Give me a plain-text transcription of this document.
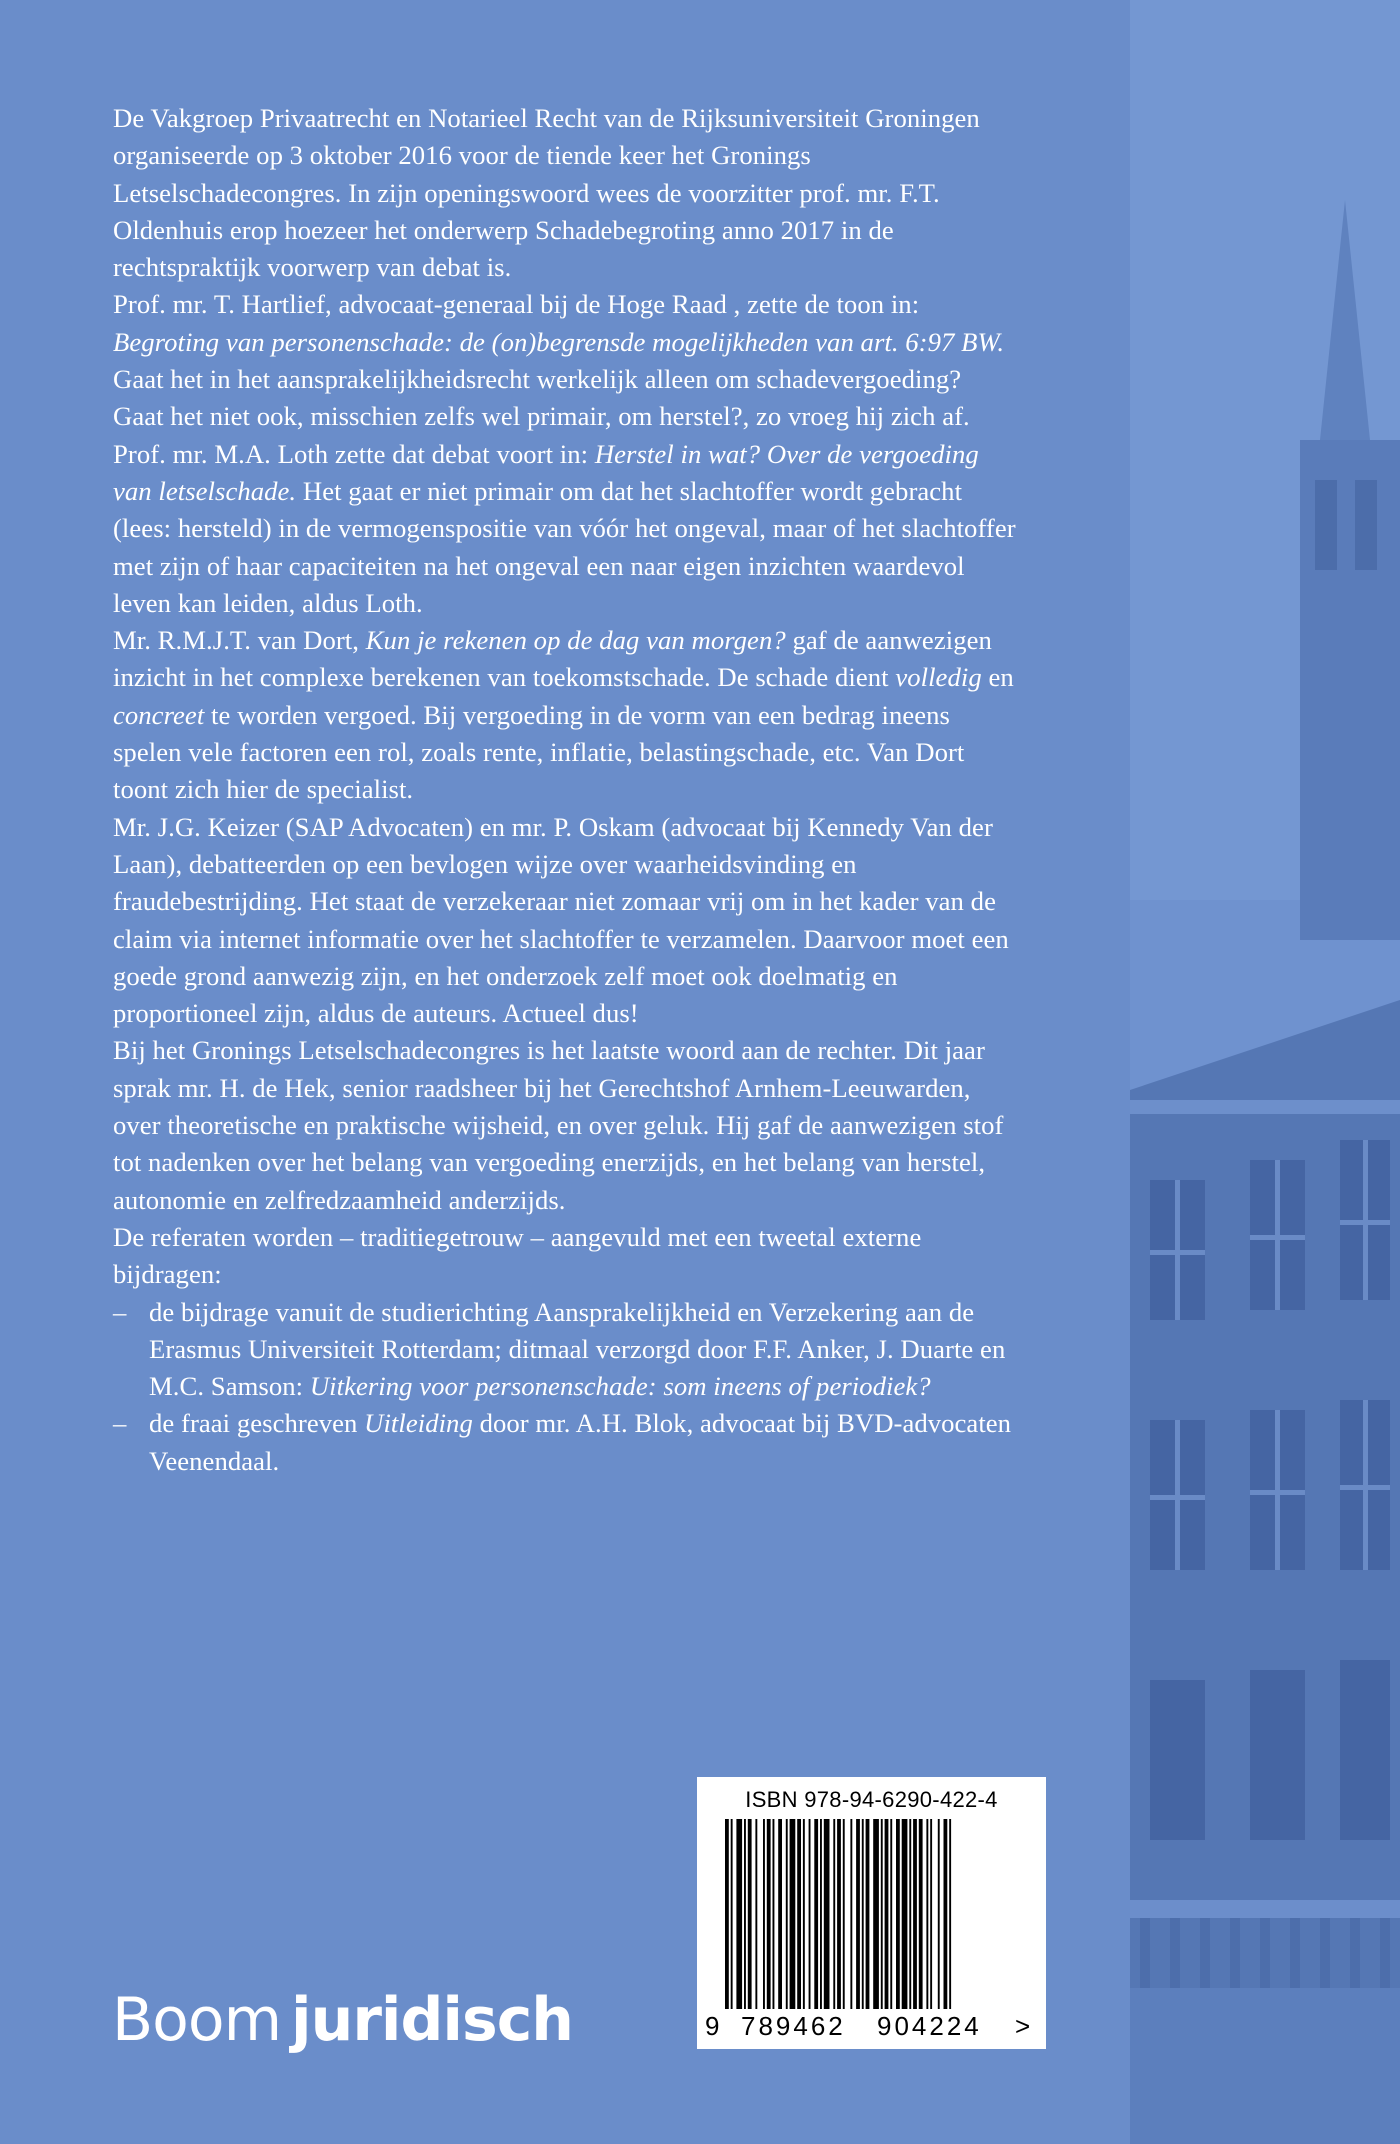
De Vakgroep Privaatrecht en Notarieel Recht van de Rijksuniversiteit Groningen organiseerde op 3 oktober 2016 voor de tiende keer het Gronings Letselschadecongres. In zijn openingswoord wees de voorzitter prof. mr. F.T. Oldenhuis erop hoezeer het onderwerp Schadebegroting anno 2017 in de rechtspraktijk voorwerp van debat is.

Prof. mr. T. Hartlief, advocaat-generaal bij de Hoge Raad , zette de toon in: Begroting van personenschade: de (on)begrensde mogelijkheden van art. 6:97 BW. Gaat het in het aansprakelijkheidsrecht werkelijk alleen om schadevergoeding? Gaat het niet ook, misschien zelfs wel primair, om herstel?, zo vroeg hij zich af.

Prof. mr. M.A. Loth zette dat debat voort in: Herstel in wat? Over de vergoeding van letselschade. Het gaat er niet primair om dat het slachtoffer wordt gebracht (lees: hersteld) in de vermogenspositie van vóór het ongeval, maar of het slachtoffer met zijn of haar capaciteiten na het ongeval een naar eigen inzichten waardevol leven kan leiden, aldus Loth.

Mr. R.M.J.T. van Dort, Kun je rekenen op de dag van morgen? gaf de aanwezigen inzicht in het complexe berekenen van toekomstschade. De schade dient volledig en concreet te worden vergoed. Bij vergoeding in de vorm van een bedrag ineens spelen vele factoren een rol, zoals rente, inflatie, belastingschade, etc. Van Dort toont zich hier de specialist.

Mr. J.G. Keizer (SAP Advocaten) en mr. P. Oskam (advocaat bij Kennedy Van der Laan), debatteerden op een bevlogen wijze over waarheidsvinding en fraudebestrijding. Het staat de verzekeraar niet zomaar vrij om in het kader van de claim via internet informatie over het slachtoffer te verzamelen. Daarvoor moet een goede grond aanwezig zijn, en het onderzoek zelf moet ook doelmatig en proportioneel zijn, aldus de auteurs. Actueel dus!

Bij het Gronings Letselschadecongres is het laatste woord aan de rechter. Dit jaar sprak mr. H. de Hek, senior raadsheer bij het Gerechtshof Arnhem-Leeuwarden, over theoretische en praktische wijsheid, en over geluk. Hij gaf de aanwezigen stof tot nadenken over het belang van vergoeding enerzijds, en het belang van herstel, autonomie en zelfredzaamheid anderzijds.

De referaten worden – traditiegetrouw – aangevuld met een tweetal externe bijdragen:

– de bijdrage vanuit de studierichting Aansprakelijkheid en Verzekering aan de Erasmus Universiteit Rotterdam; ditmaal verzorgd door F.F. Anker, J. Duarte en M.C. Samson: Uitkering voor personenschade: som ineens of periodiek?
– de fraai geschreven Uitleiding door mr. A.H. Blok, advocaat bij BVD-advocaten Veenendaal.
ISBN 978-94-6290-422-4
9 789462 904224 >
Boom juridisch
